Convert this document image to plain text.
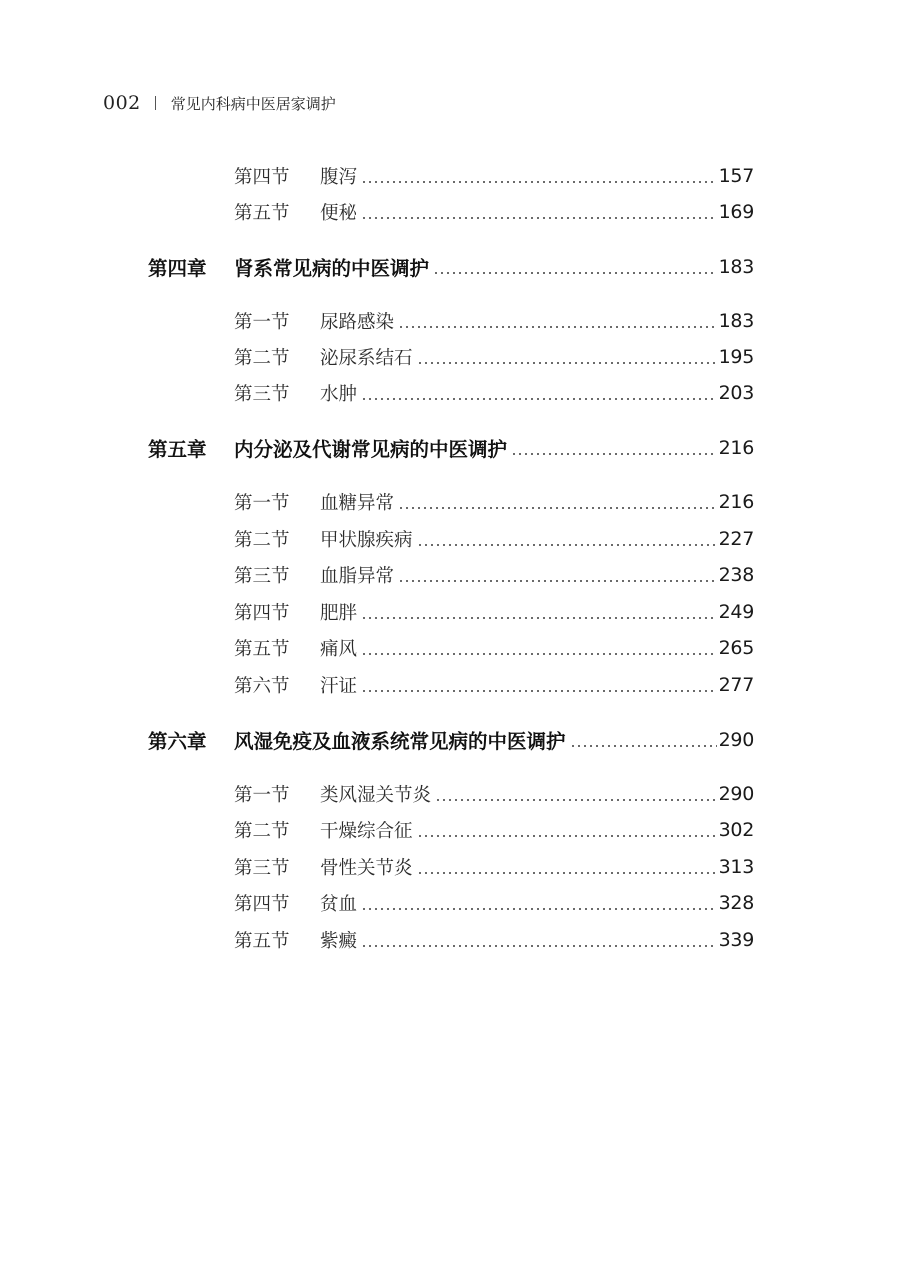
002 常见内科病中医居家调护
第四节	腹泻	157
第五节	便秘	169
第四章	肾系常见病的中医调护	183
第一节	尿路感染	183
第二节	泌尿系结石	195
第三节	水肿	203
第五章	内分泌及代谢常见病的中医调护	216
第一节	血糖异常	216
第二节	甲状腺疾病	227
第三节	血脂异常	238
第四节	肥胖	249
第五节	痛风	265
第六节	汗证	277
第六章	风湿免疫及血液系统常见病的中医调护	290
第一节	类风湿关节炎	290
第二节	干燥综合征	302
第三节	骨性关节炎	313
第四节	贫血	328
第五节	紫癜	339
